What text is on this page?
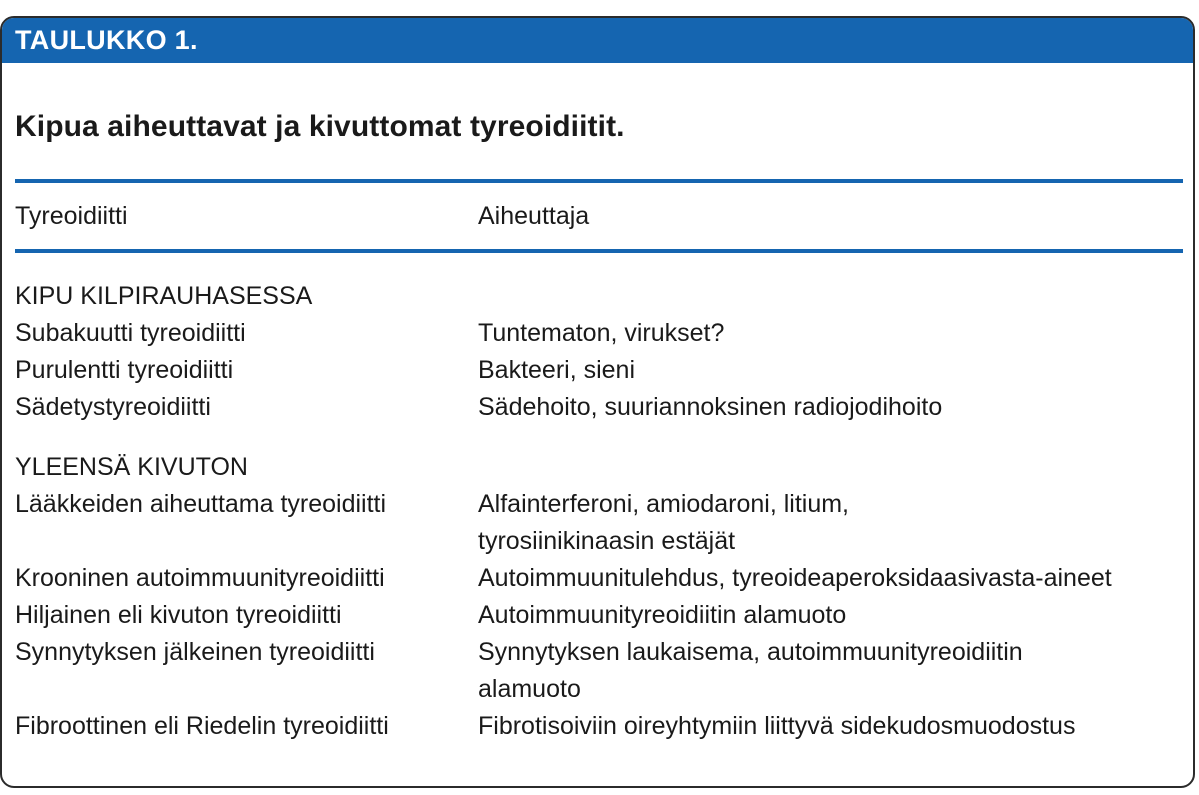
TAULUKKO 1.
Kipua aiheuttavat ja kivuttomat tyreoidiitit.
Tyreoidiitti	Aiheuttaja
KIPU KILPIRAUHASESSA
Subakuutti tyreoidiitti	Tuntematon, virukset?
Purulentti tyreoidiitti	Bakteeri, sieni
Sädetystyreoidiitti	Sädehoito, suuriannoksinen radiojodihoito
YLEENSÄ KIVUTON
Lääkkeiden aiheuttama tyreoidiitti	Alfainterferoni, amiodaroni, litium,
tyrosiinikinaasin estäjät
Krooninen autoimmuunityreoidiitti	Autoimmuunitulehdus, tyreoideaperoksidaasivasta-aineet
Hiljainen eli kivuton tyreoidiitti	Autoimmuunityreoidiitin alamuoto
Synnytyksen jälkeinen tyreoidiitti	Synnytyksen laukaisema, autoimmuunityreoidiitin
alamuoto
Fibroottinen eli Riedelin tyreoidiitti	Fibrotisoiviin oireyhtymiin liittyvä sidekudosmuodostus
